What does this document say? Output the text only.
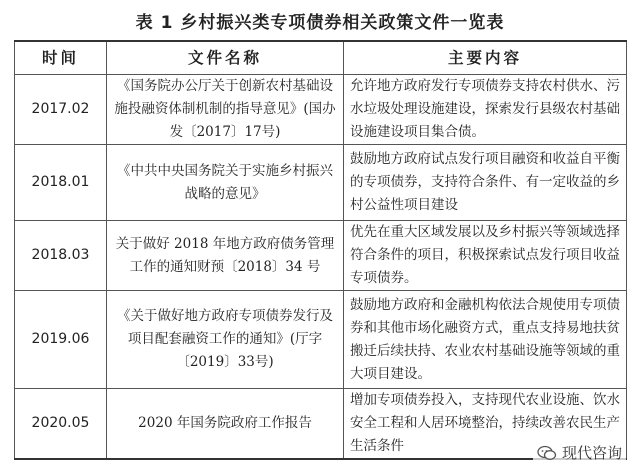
表 1 乡村振兴类专项债券相关政策文件一览表
时间	文件名称	主要内容
2017.02	《国务院办公厅关于创新农村基础设施投融资体制机制的指导意见》(国办发〔2017〕17号)	允许地方政府发行专项债券支持农村供水、污水垃圾处理设施建设，探索发行县级农村基础设施建设项目集合债。
2018.01	《中共中央国务院关于实施乡村振兴战略的意见》	鼓励地方政府试点发行项目融资和收益自平衡的专项债券，支持符合条件、有一定收益的乡村公益性项目建设
2018.03	关于做好 2018 年地方政府债务管理工作的通知财预〔2018〕34 号	优先在重大区域发展以及乡村振兴等领域选择符合条件的项目，积极探索试点发行项目收益专项债券。
2019.06	《关于做好地方政府专项债券发行及项目配套融资工作的通知》(厅字〔2019〕33号)	鼓励地方政府和金融机构依法合规使用专项债券和其他市场化融资方式，重点支持易地扶贫搬迁后续扶持、农业农村基础设施等领域的重大项目建设。
2020.05	2020 年国务院政府工作报告	增加专项债券投入，支持现代农业设施、饮水安全工程和人居环境整治，持续改善农民生产生活条件	现代咨询
